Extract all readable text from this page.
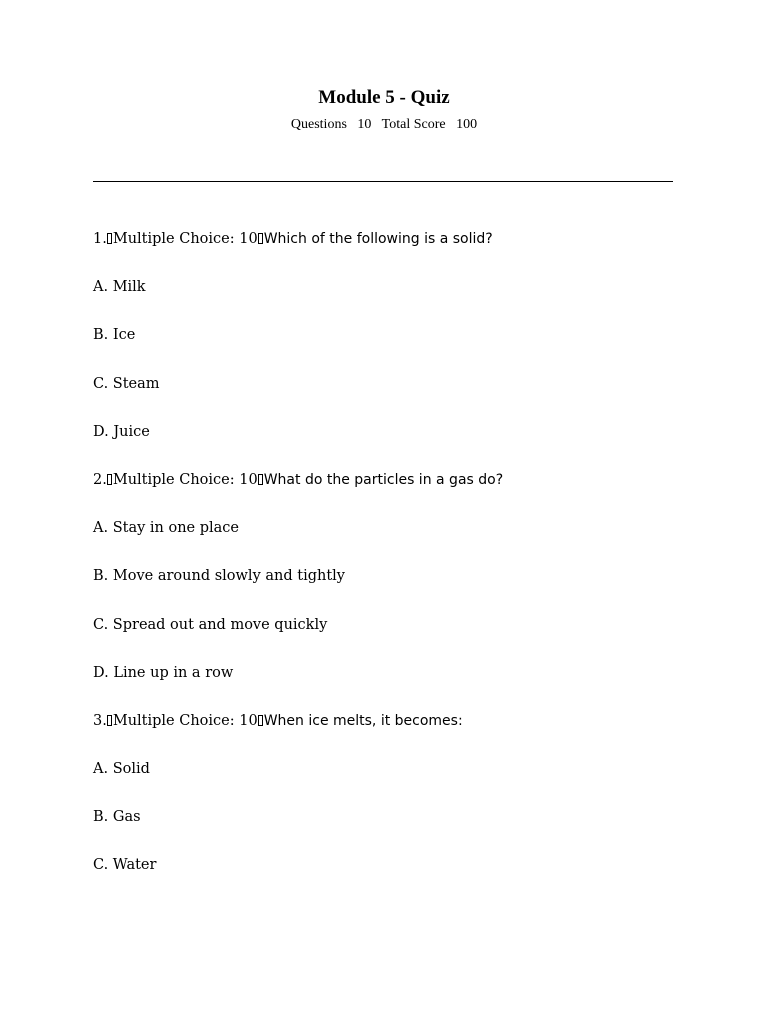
Module 5 - Quiz
Questions 10 Total Score 100
1. Multiple Choice: 10 Which of the following is a solid?
A. Milk
B. Ice
C. Steam
D. Juice
2. Multiple Choice: 10 What do the particles in a gas do?
A. Stay in one place
B. Move around slowly and tightly
C. Spread out and move quickly
D. Line up in a row
3. Multiple Choice: 10 When ice melts, it becomes:
A. Solid
B. Gas
C. Water
